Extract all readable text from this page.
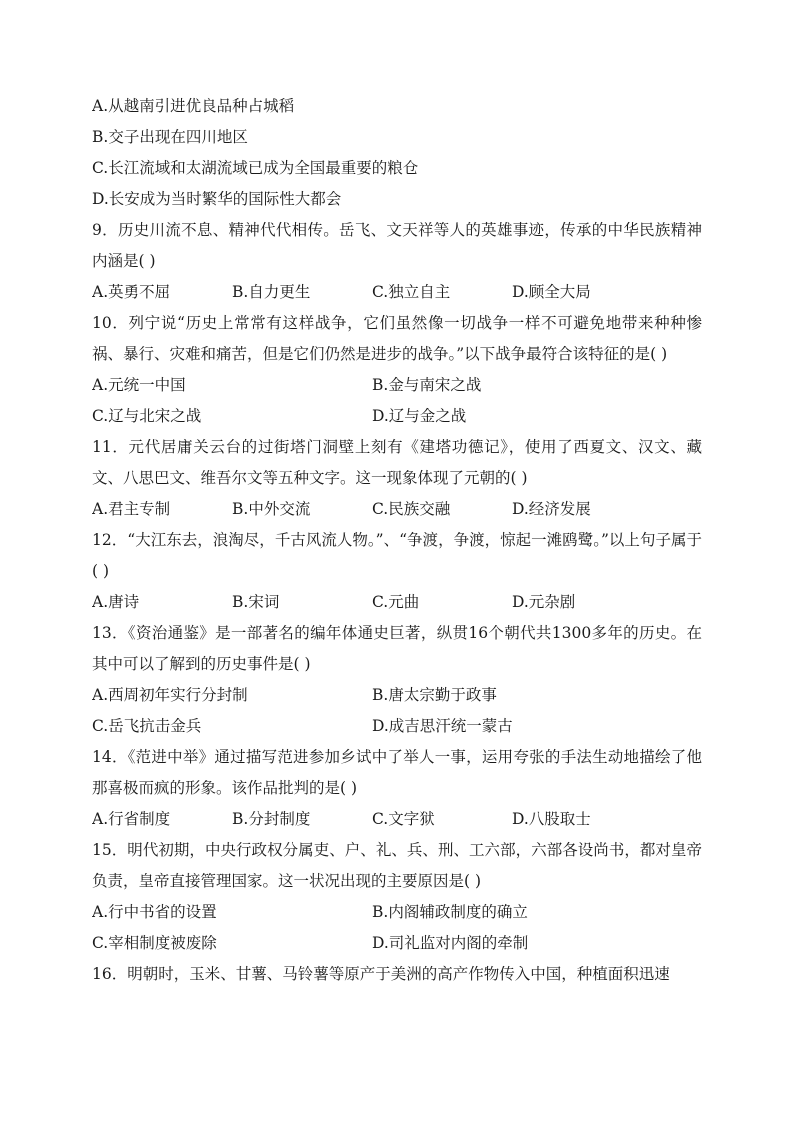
A.从越南引进优良品种占城稻
B.交子出现在四川地区
C.长江流域和太湖流域已成为全国最重要的粮仓
D.长安成为当时繁华的国际性大都会
9．历史川流不息、精神代代相传。岳飞、文天祥等人的英雄事迹，传承的中华民族精神内涵是( )
A.英勇不屈	B.自力更生	C.独立自主	D.顾全大局
10．列宁说“历史上常常有这样战争，它们虽然像一切战争一样不可避免地带来种种惨祸、暴行、灾难和痛苦，但是它们仍然是进步的战争。”以下战争最符合该特征的是( )
A.元统一中国	B.金与南宋之战
C.辽与北宋之战	D.辽与金之战
11．元代居庸关云台的过街塔门洞壁上刻有《建塔功德记》，使用了西夏文、汉文、藏文、八思巴文、维吾尔文等五种文字。这一现象体现了元朝的( )
A.君主专制	B.中外交流	C.民族交融	D.经济发展
12．“大江东去，浪淘尽，千古风流人物。”、“争渡，争渡，惊起一滩鸥鹭。”以上句子属于( )
A.唐诗	B.宋词	C.元曲	D.元杂剧
13．《资治通鉴》是一部著名的编年体通史巨著，纵贯16个朝代共1300多年的历史。在其中可以了解到的历史事件是( )
A.西周初年实行分封制	B.唐太宗勤于政事
C.岳飞抗击金兵	D.成吉思汗统一蒙古
14．《范进中举》通过描写范进参加乡试中了举人一事，运用夸张的手法生动地描绘了他那喜极而疯的形象。该作品批判的是( )
A.行省制度	B.分封制度	C.文字狱	D.八股取士
15．明代初期，中央行政权分属吏、户、礼、兵、刑、工六部，六部各设尚书，都对皇帝负责，皇帝直接管理国家。这一状况出现的主要原因是( )
A.行中书省的设置	B.内阁辅政制度的确立
C.宰相制度被废除	D.司礼监对内阁的牵制
16．明朝时，玉米、甘薯、马铃薯等原产于美洲的高产作物传入中国，种植面积迅速
